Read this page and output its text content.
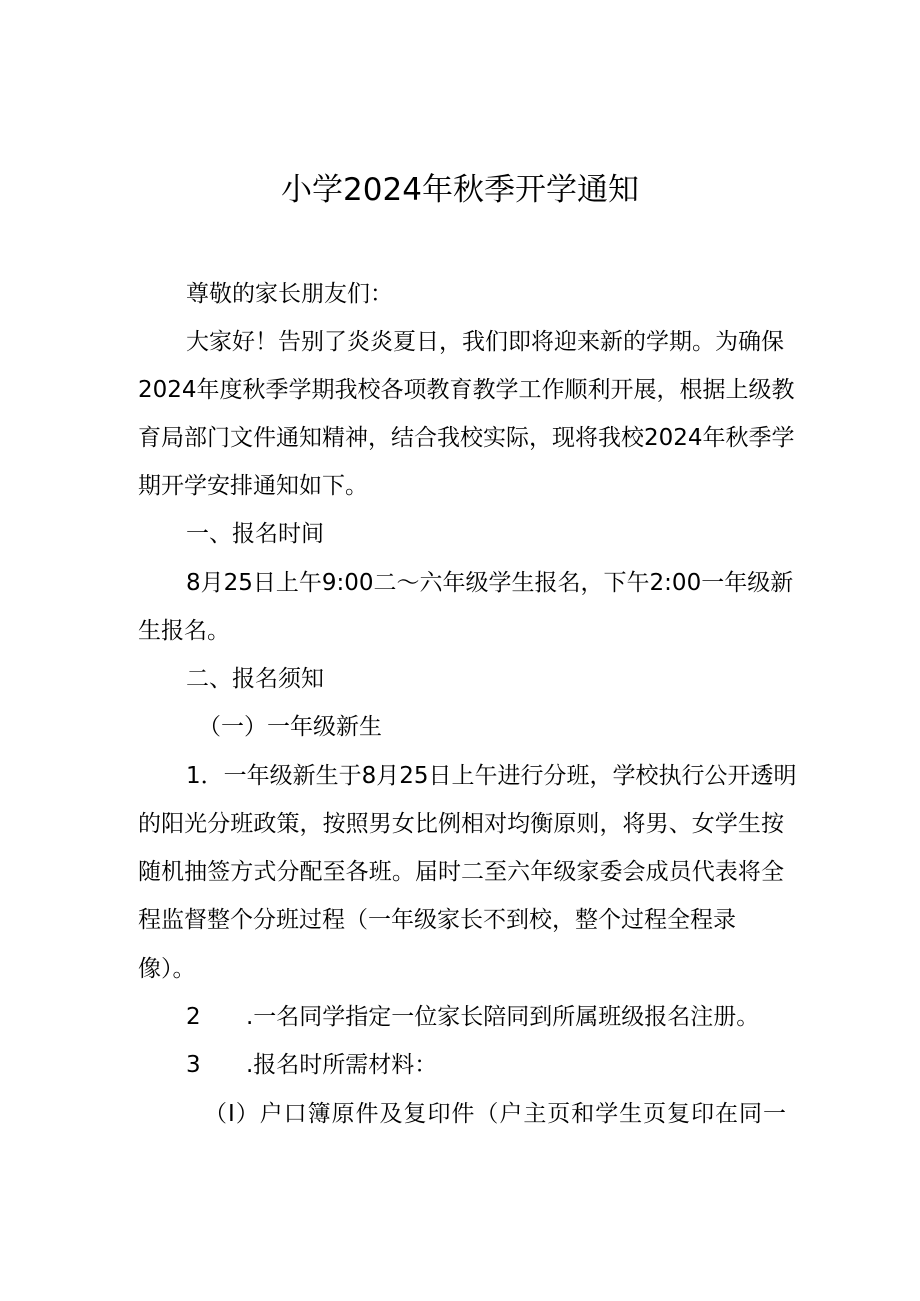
小学2024年秋季开学通知
尊敬的家长朋友们：
大家好！告别了炎炎夏日，我们即将迎来新的学期。为确保
2024年度秋季学期我校各项教育教学工作顺利开展，根据上级教
育局部门文件通知精神，结合我校实际，现将我校2024年秋季学
期开学安排通知如下。
一、报名时间
8月25日上午9:00二〜六年级学生报名，下午2:00一年级新
生报名。
二、报名须知
（一）一年级新生
1．一年级新生于8月25日上午进行分班，学校执行公开透明
的阳光分班政策，按照男女比例相对均衡原则，将男、女学生按
随机抽签方式分配至各班。届时二至六年级家委会成员代表将全
程监督整个分班过程（一年级家长不到校，整个过程全程录
像）。
2 .一名同学指定一位家长陪同到所属班级报名注册。
3 .报名时所需材料：
（I）户口簿原件及复印件（户主页和学生页复印在同一
